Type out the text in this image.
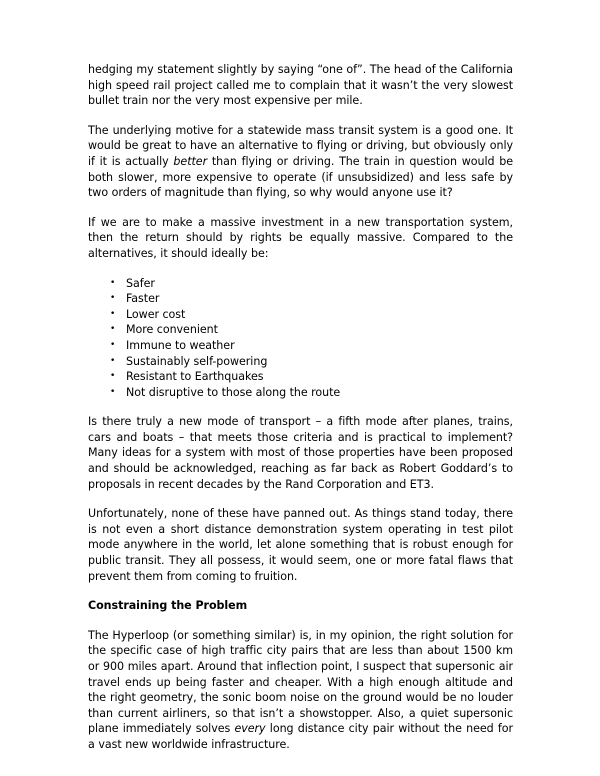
hedging my statement slightly by saying “one of”. The head of the California high speed rail project called me to complain that it wasn’t the very slowest bullet train nor the very most expensive per mile.

The underlying motive for a statewide mass transit system is a good one. It would be great to have an alternative to flying or driving, but obviously only if it is actually better than flying or driving. The train in question would be both slower, more expensive to operate (if unsubsidized) and less safe by two orders of magnitude than flying, so why would anyone use it?

If we are to make a massive investment in a new transportation system, then the return should by rights be equally massive. Compared to the alternatives, it should ideally be:

• Safer
• Faster
• Lower cost
• More convenient
• Immune to weather
• Sustainably self-powering
• Resistant to Earthquakes
• Not disruptive to those along the route

Is there truly a new mode of transport – a fifth mode after planes, trains, cars and boats – that meets those criteria and is practical to implement? Many ideas for a system with most of those properties have been proposed and should be acknowledged, reaching as far back as Robert Goddard’s to proposals in recent decades by the Rand Corporation and ET3.

Unfortunately, none of these have panned out. As things stand today, there is not even a short distance demonstration system operating in test pilot mode anywhere in the world, let alone something that is robust enough for public transit. They all possess, it would seem, one or more fatal flaws that prevent them from coming to fruition.

Constraining the Problem

The Hyperloop (or something similar) is, in my opinion, the right solution for the specific case of high traffic city pairs that are less than about 1500 km or 900 miles apart. Around that inflection point, I suspect that supersonic air travel ends up being faster and cheaper. With a high enough altitude and the right geometry, the sonic boom noise on the ground would be no louder than current airliners, so that isn’t a showstopper. Also, a quiet supersonic plane immediately solves every long distance city pair without the need for a vast new worldwide infrastructure.
